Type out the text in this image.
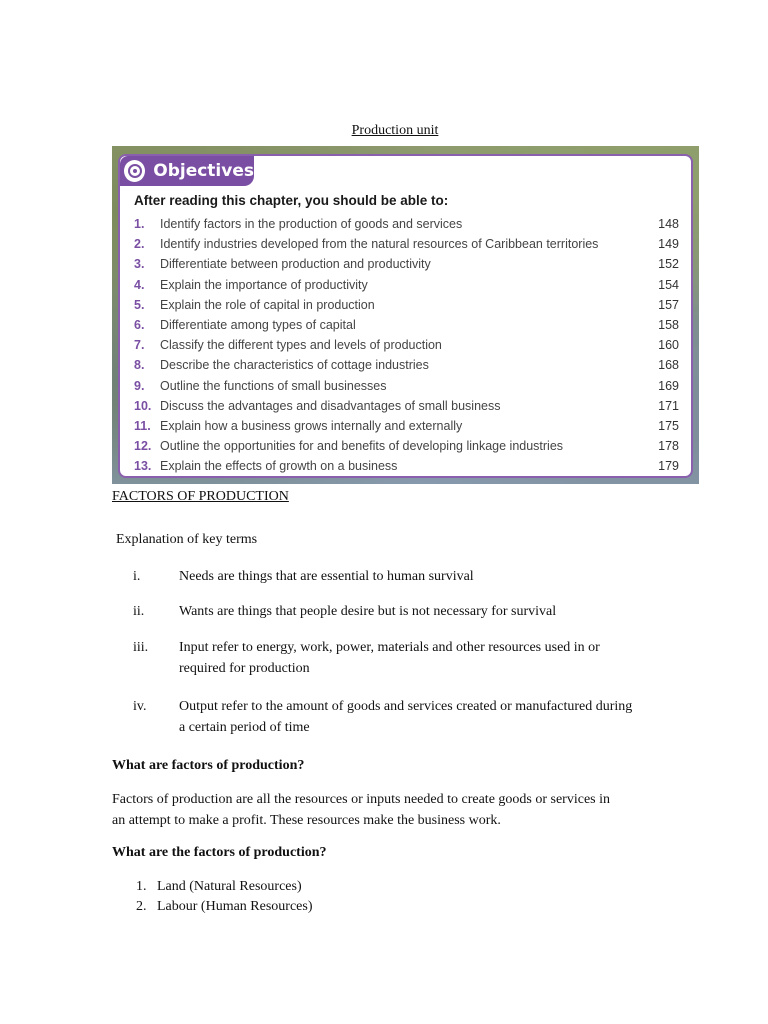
Production unit
Objectives
After reading this chapter, you should be able to:
1.	Identify factors in the production of goods and services	148
2.	Identify industries developed from the natural resources of Caribbean territories	149
3.	Differentiate between production and productivity	152
4.	Explain the importance of productivity	154
5.	Explain the role of capital in production	157
6.	Differentiate among types of capital	158
7.	Classify the different types and levels of production	160
8.	Describe the characteristics of cottage industries	168
9.	Outline the functions of small businesses	169
10. Discuss the advantages and disadvantages of small business	171
11. Explain how a business grows internally and externally	175
12. Outline the opportunities for and benefits of developing linkage industries	178
13. Explain the effects of growth on a business	179
FACTORS OF PRODUCTION
Explanation of key terms
i.	Needs are things that are essential to human survival
ii.	Wants are things that people desire but is not necessary for survival
iii.	Input refer to energy, work, power, materials and other resources used in or required for production
iv.	Output refer to the amount of goods and services created or manufactured during a certain period of time
What are factors of production?
Factors of production are all the resources or inputs needed to create goods or services in an attempt to make a profit. These resources make the business work.
What are the factors of production?
1. Land (Natural Resources)
2. Labour (Human Resources)
